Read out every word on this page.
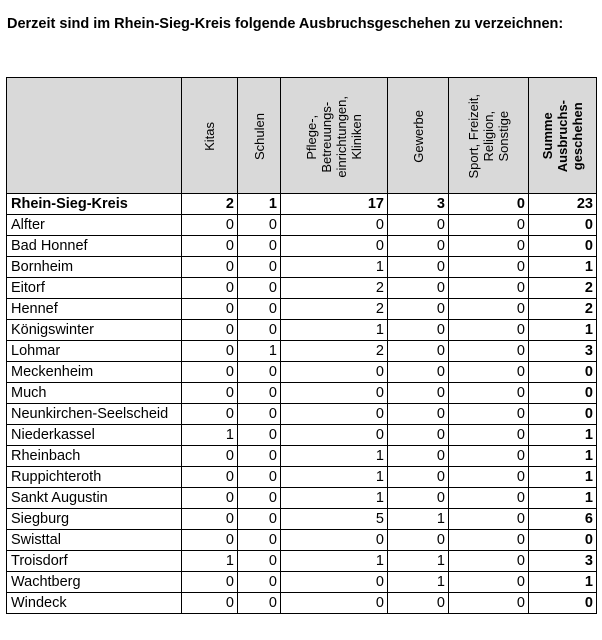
Derzeit sind im Rhein-Sieg-Kreis folgende Ausbruchsgeschehen zu verzeichnen:

	Kitas	Schulen	Pflege-,
Betreuungs-
einrichtungen,
Kliniken	Gewerbe	Sport, Freizeit,
Religion,
Sonstige	Summe
Ausbruchs-
geschehen

Rhein-Sieg-Kreis	2	1	17	3	0	23
Alfter	0	0	0	0	0	0
Bad Honnef	0	0	0	0	0	0
Bornheim	0	0	1	0	0	1
Eitorf	0	0	2	0	0	2
Hennef	0	0	2	0	0	2
Königswinter	0	0	1	0	0	1
Lohmar	0	1	2	0	0	3
Meckenheim	0	0	0	0	0	0
Much	0	0	0	0	0	0
Neunkirchen-Seelscheid	0	0	0	0	0	0
Niederkassel	1	0	0	0	0	1
Rheinbach	0	0	1	0	0	1
Ruppichteroth	0	0	1	0	0	1
Sankt Augustin	0	0	1	0	0	1
Siegburg	0	0	5	1	0	6
Swisttal	0	0	0	0	0	0
Troisdorf	1	0	1	1	0	3
Wachtberg	0	0	0	1	0	1
Windeck	0	0	0	0	0	0
